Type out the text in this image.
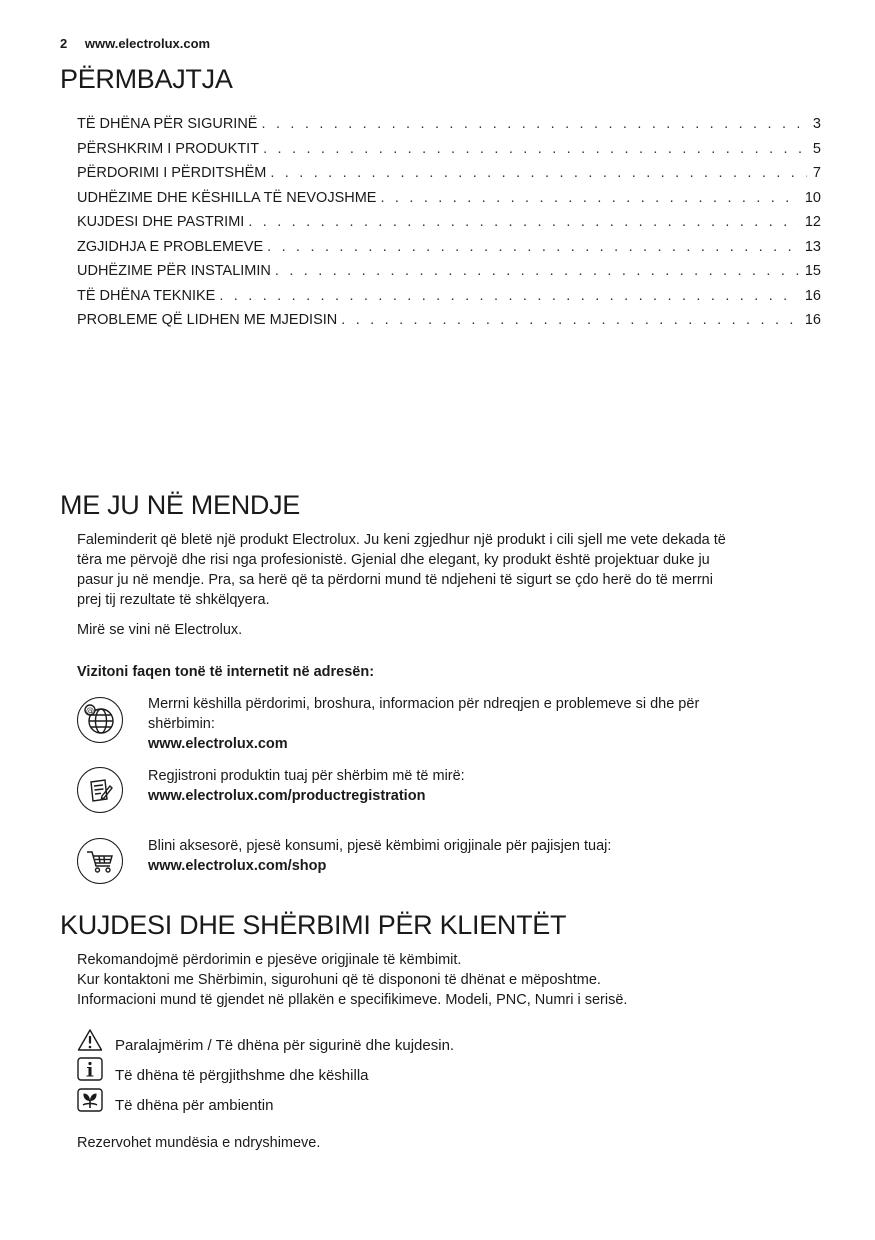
2 www.electrolux.com
PËRMBAJTJA
TË DHËNA PËR SIGURINË . . .	3
PËRSHKRIM I PRODUKTIT . . .	5
PËRDORIMI I PËRDITSHËM . . .	7
UDHËZIME DHE KËSHILLA TË NEVOJSHME . . .	10
KUJDESI DHE PASTRIMI . . .	12
ZGJIDHJA E PROBLEMEVE . . .	13
UDHËZIME PËR INSTALIMIN . . .	15
TË DHËNA TEKNIKE . . .	16
PROBLEME QË LIDHEN ME MJEDISIN . . .	16
ME JU NË MENDJE

Faleminderit që bletë një produkt Electrolux. Ju keni zgjedhur një produkt i cili sjell me vete dekada të

tëra me përvojë dhe risi nga profesionistë. Gjenial dhe elegant, ky produkt është projektuar duke ju

pasur ju në mendje. Pra, sa herë që ta përdorni mund të ndjeheni të sigurt se çdo herë do të merrni

prej tij rezultate të shkëlqyera.

Mirë se vini në Electrolux.

Vizitoni faqen tonë të internetit në adresën:

@	Merrni këshilla përdorimi, broshura, informacion për ndreqjen e problemeve si dhe për

shërbimin:

www.electrolux.com

Regjistroni produktin tuaj për shërbim më të mirë:

www.electrolux.com/productregistration

Blini aksesorë, pjesë konsumi, pjesë këmbimi origjinale për pajisjen tuaj:

www.electrolux.com/shop

KUJDESI DHE SHËRBIMI PËR KLIENTËT

Rekomandojmë përdorimin e pjesëve origjinale të këmbimit.

Kur kontaktoni me Shërbimin, sigurohuni që të dispononi të dhënat e mëposhtme.

Informacioni mund të gjendet në pllakën e specifikimeve. Modeli, PNC, Numri i serisë.

Paralajmërim / Të dhëna për sigurinë dhe kujdesin.

Të dhëna të përgjithshme dhe këshilla

Të dhëna për ambientin

Rezervohet mundësia e ndryshimeve.
